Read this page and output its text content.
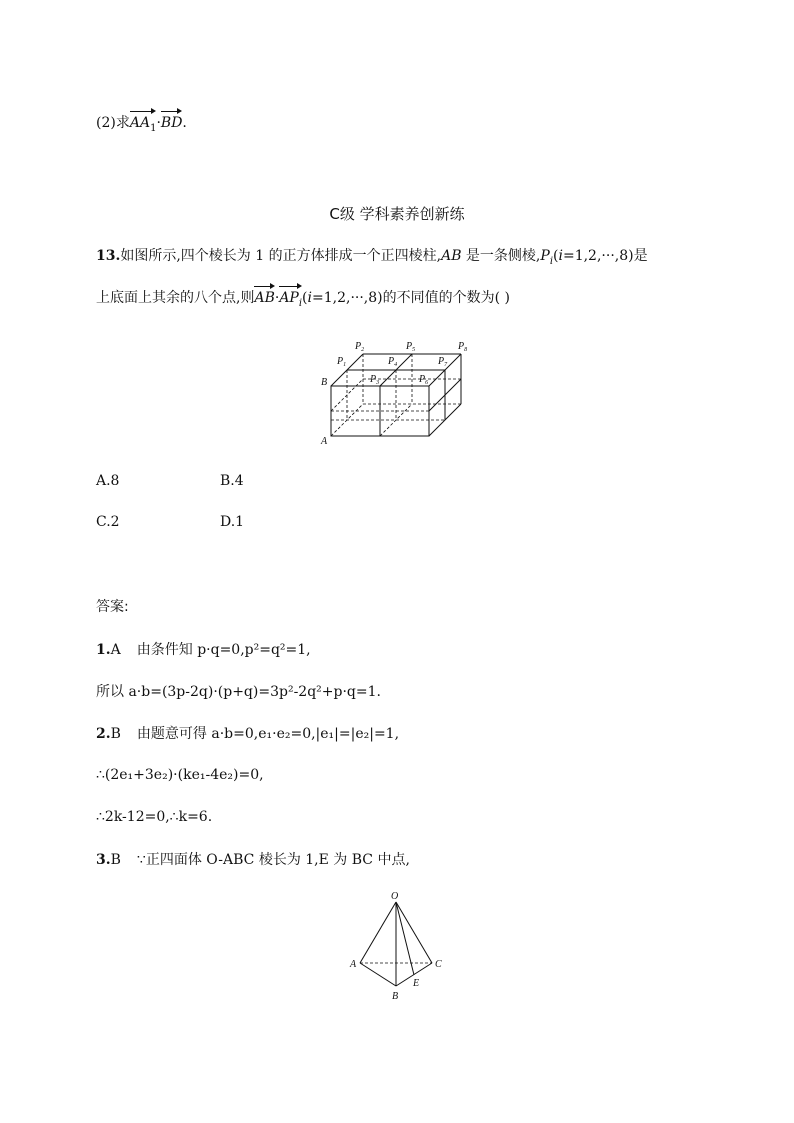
(2)求$AA_1\cdot BD$.
C级 学科素养创新练
13.如图所示,四个棱长为 1 的正方体排成一个正四棱柱,AB 是一条侧棱$,P_i(i=1,2,\cdot\cdot\cdot,8)$是
上底面上其余的八个点,则$AB\cdot AP_i(i=1,2,\cdot\cdot\cdot,8)$的不同值的个数为( )
$P_2$	$P_5$	$P_8$
$P_1$	$P_4$	$P_7$
$P_3$	$P_6$
B
A
A.8	B.4
C.2	D.1
答案:
1.A 由条件知 p·q=0,p²=q²=1,
所以 a·b=(3p-2q)·(p+q)=3p²-2q²+p·q=1.
2.B 由题意可得 a·b=0,e₁·e₂=0,|e₁|=|e₂|=1,
∴(2e₁+3e₂)·(ke₁-4e₂)=0,
∴2k-12=0,∴k=6.
3.B ∵正四面体 O-ABC 棱长为 1,E 为 BC 中点,
O
A	C
B
E
